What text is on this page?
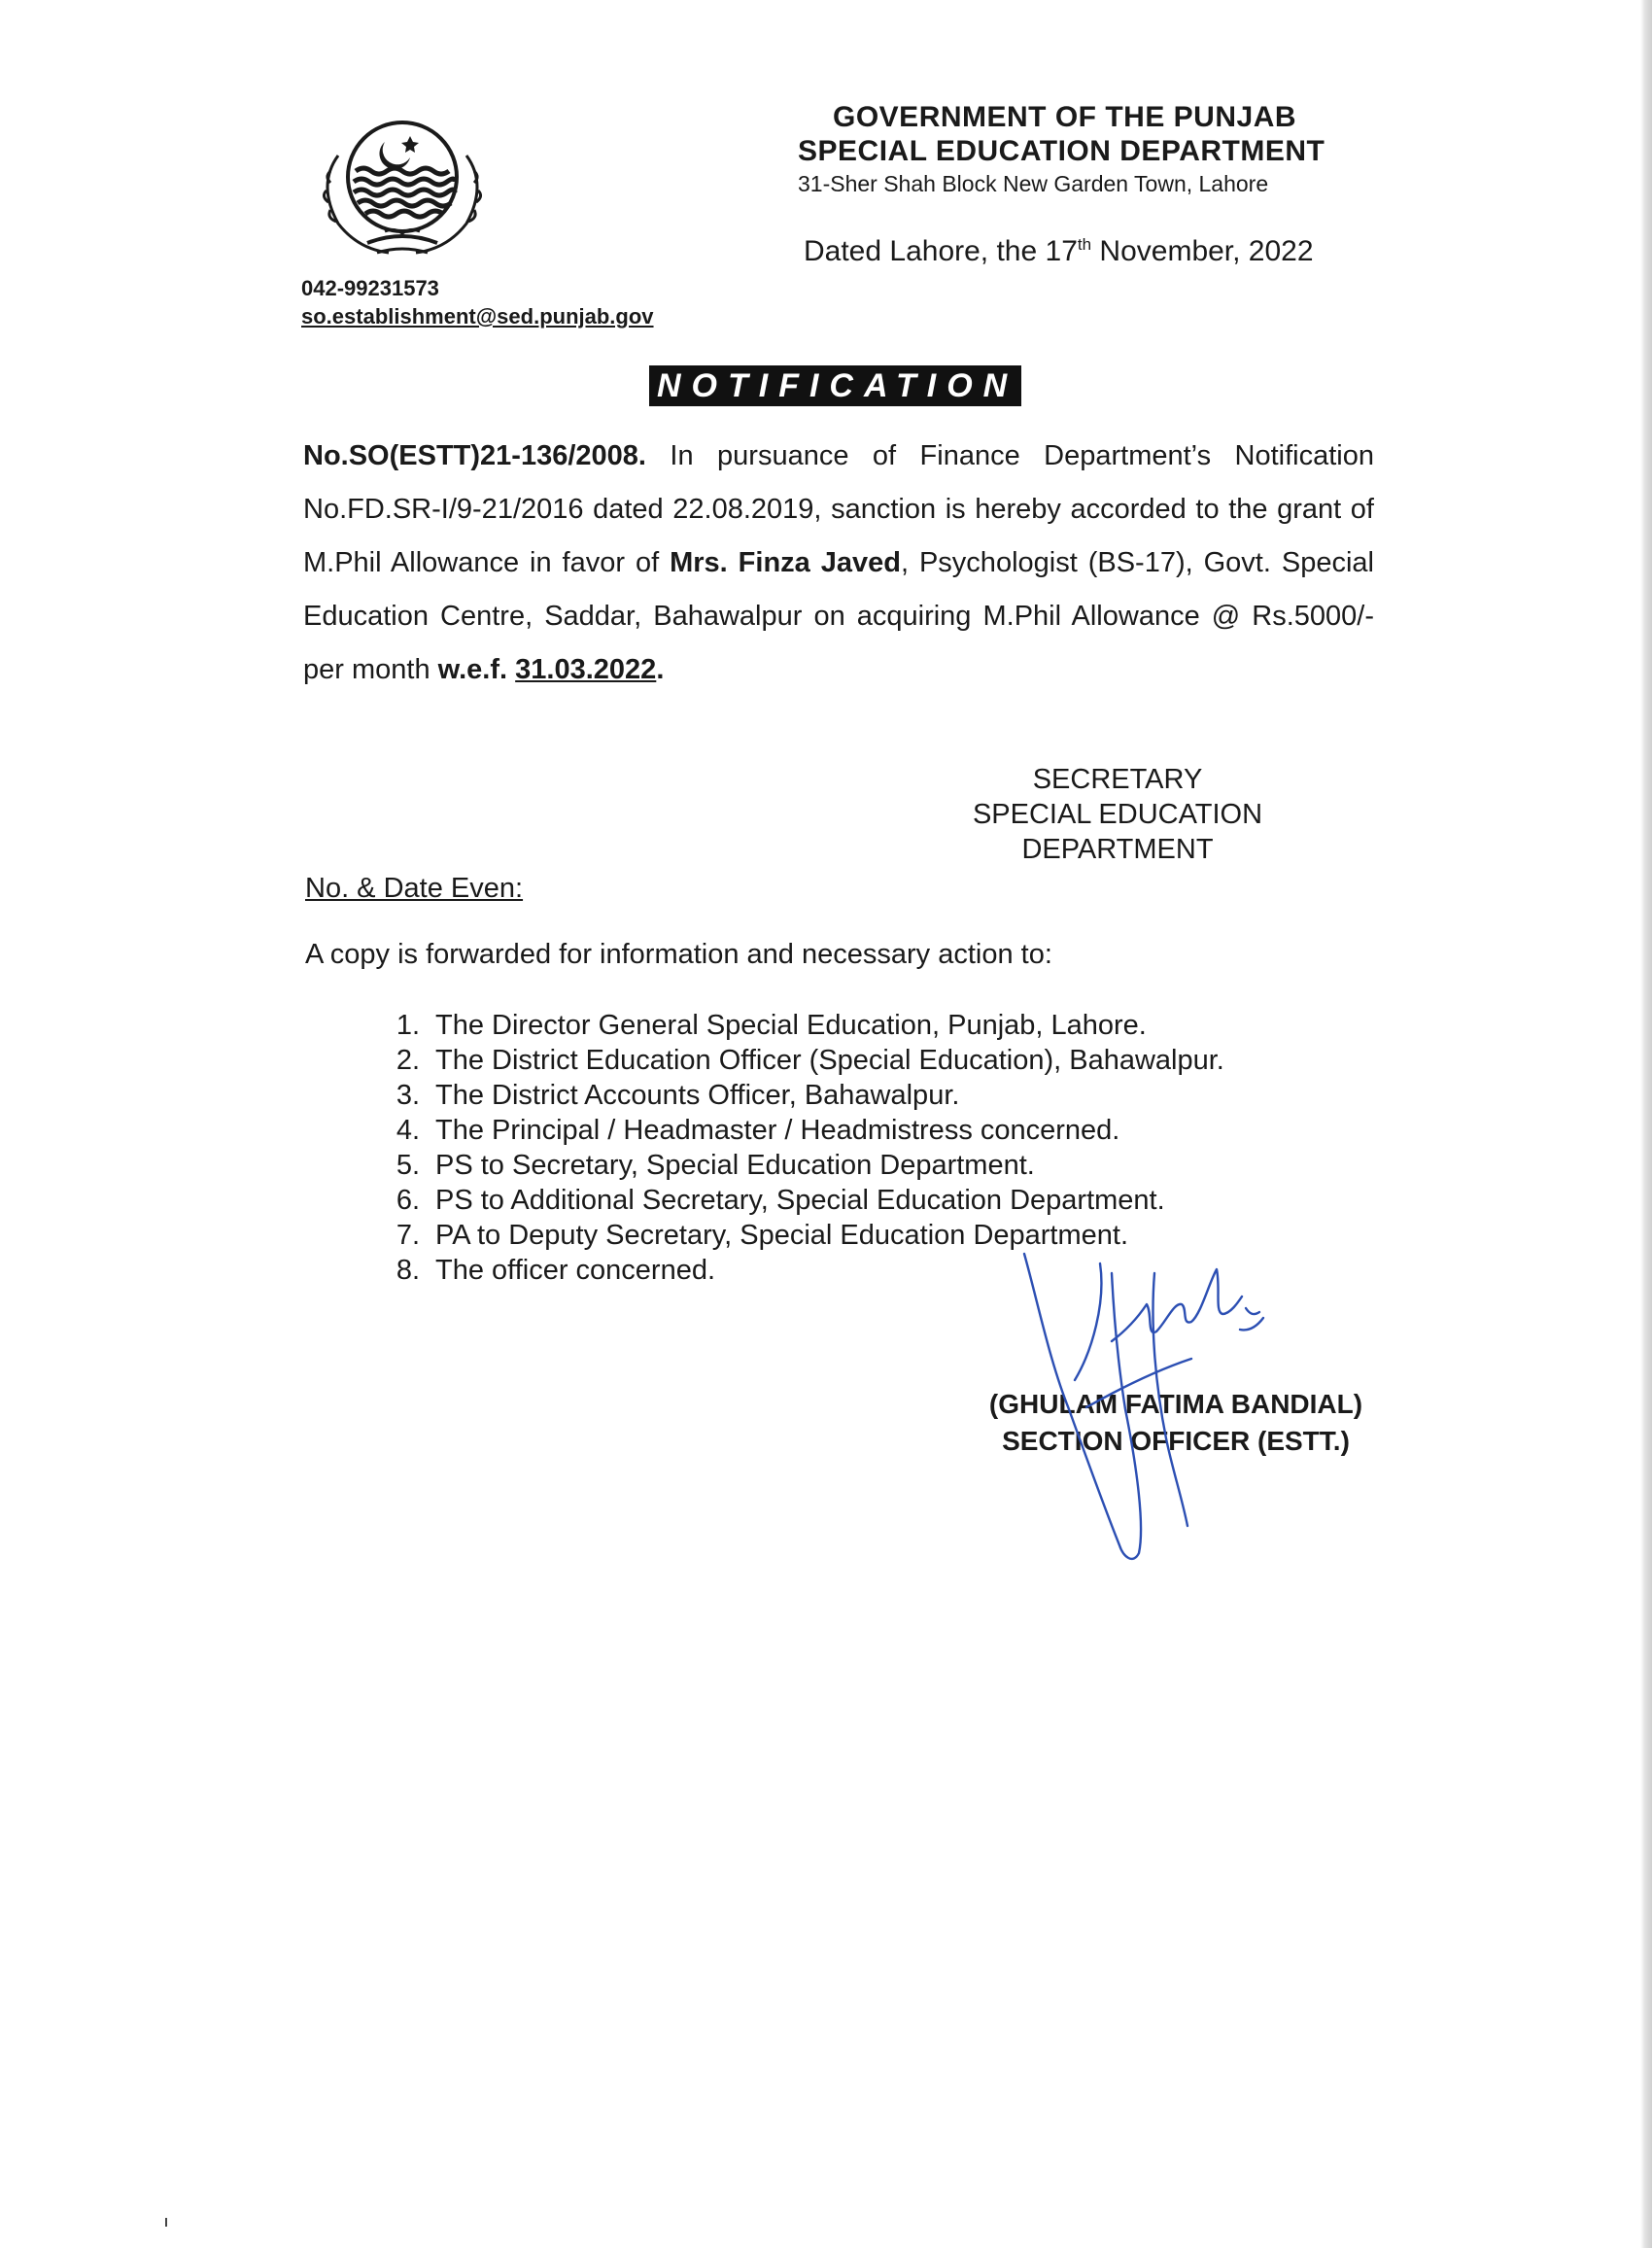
GOVERNMENT OF THE PUNJAB
SPECIAL EDUCATION DEPARTMENT
31-Sher Shah Block New Garden Town, Lahore
Dated Lahore, the 17th November, 2022
042-99231573
so.establishment@sed.punjab.gov
NOTIFICATION
No.SO(ESTT)21-136/2008. In pursuance of Finance Department’s Notification No.FD.SR-I/9-21/2016 dated 22.08.2019, sanction is hereby accorded to the grant of M.Phil Allowance in favor of Mrs. Finza Javed, Psychologist (BS-17), Govt. Special Education Centre, Saddar, Bahawalpur on acquiring M.Phil Allowance @ Rs.5000/- per month w.e.f. 31.03.2022.
SECRETARY
SPECIAL EDUCATION
DEPARTMENT
No. & Date Even:
A copy is forwarded for information and necessary action to:
1. The Director General Special Education, Punjab, Lahore.
2. The District Education Officer (Special Education), Bahawalpur.
3. The District Accounts Officer, Bahawalpur.
4. The Principal / Headmaster / Headmistress concerned.
5. PS to Secretary, Special Education Department.
6. PS to Additional Secretary, Special Education Department.
7. PA to Deputy Secretary, Special Education Department.
8. The officer concerned.
(GHULAM FATIMA BANDIAL)
SECTION OFFICER (ESTT.)
